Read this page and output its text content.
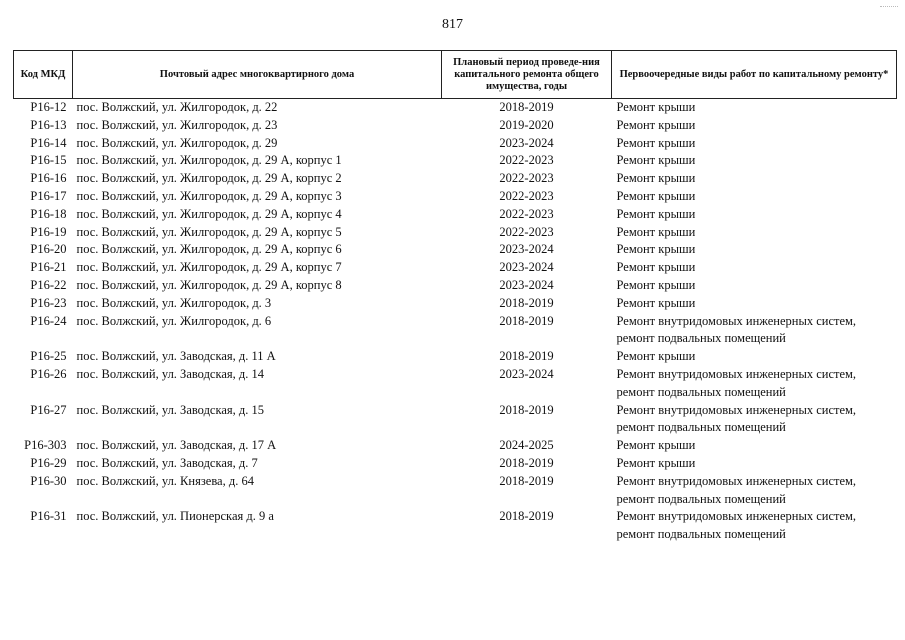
817
Код МКД	Почтовый адрес многоквартирного дома	Плановый период проведе-ния капитального ремонта общего имущества, годы	Первоочередные виды работ по капитальному ремонту*
Р16-12	пос. Волжский, ул. Жилгородок, д. 22	2018-2019	Ремонт крыши

Р16-13	пос. Волжский, ул. Жилгородок, д. 23	2019-2020	Ремонт крыши

Р16-14	пос. Волжский, ул. Жилгородок, д. 29	2023-2024	Ремонт крыши

Р16-15	пос. Волжский, ул. Жилгородок, д. 29 А, корпус 1	2022-2023	Ремонт крыши

Р16-16	пос. Волжский, ул. Жилгородок, д. 29 А, корпус 2	2022-2023	Ремонт крыши

Р16-17	пос. Волжский, ул. Жилгородок, д. 29 А, корпус 3	2022-2023	Ремонт крыши

Р16-18	пос. Волжский, ул. Жилгородок, д. 29 А, корпус 4	2022-2023	Ремонт крыши

Р16-19	пос. Волжский, ул. Жилгородок, д. 29 А, корпус 5	2022-2023	Ремонт крыши

Р16-20	пос. Волжский, ул. Жилгородок, д. 29 А, корпус 6	2023-2024	Ремонт крыши

Р16-21	пос. Волжский, ул. Жилгородок, д. 29 А, корпус 7	2023-2024	Ремонт крыши

Р16-22	пос. Волжский, ул. Жилгородок, д. 29 А, корпус 8	2023-2024	Ремонт крыши

Р16-23	пос. Волжский, ул. Жилгородок, д. 3	2018-2019	Ремонт крыши

Р16-24	пос. Волжский, ул. Жилгородок, д. 6	2018-2019	Ремонт внутридомовых инженерных систем,
ремонт подвальных помещений

Р16-25	пос. Волжский, ул. Заводская, д. 11 А	2018-2019	Ремонт крыши

Р16-26	пос. Волжский, ул. Заводская, д. 14	2023-2024	Ремонт внутридомовых инженерных систем,
ремонт подвальных помещений

Р16-27	пос. Волжский, ул. Заводская, д. 15	2018-2019	Ремонт внутридомовых инженерных систем,
ремонт подвальных помещений

Р16-303	пос. Волжский, ул. Заводская, д. 17 А	2024-2025	Ремонт крыши

Р16-29	пос. Волжский, ул. Заводская, д. 7	2018-2019	Ремонт крыши

Р16-30	пос. Волжский, ул. Князева, д. 64	2018-2019	Ремонт внутридомовых инженерных систем,
ремонт подвальных помещений

Р16-31	пос. Волжский, ул. Пионерская д. 9 а	2018-2019	Ремонт внутридомовых инженерных систем,
ремонт подвальных помещений
